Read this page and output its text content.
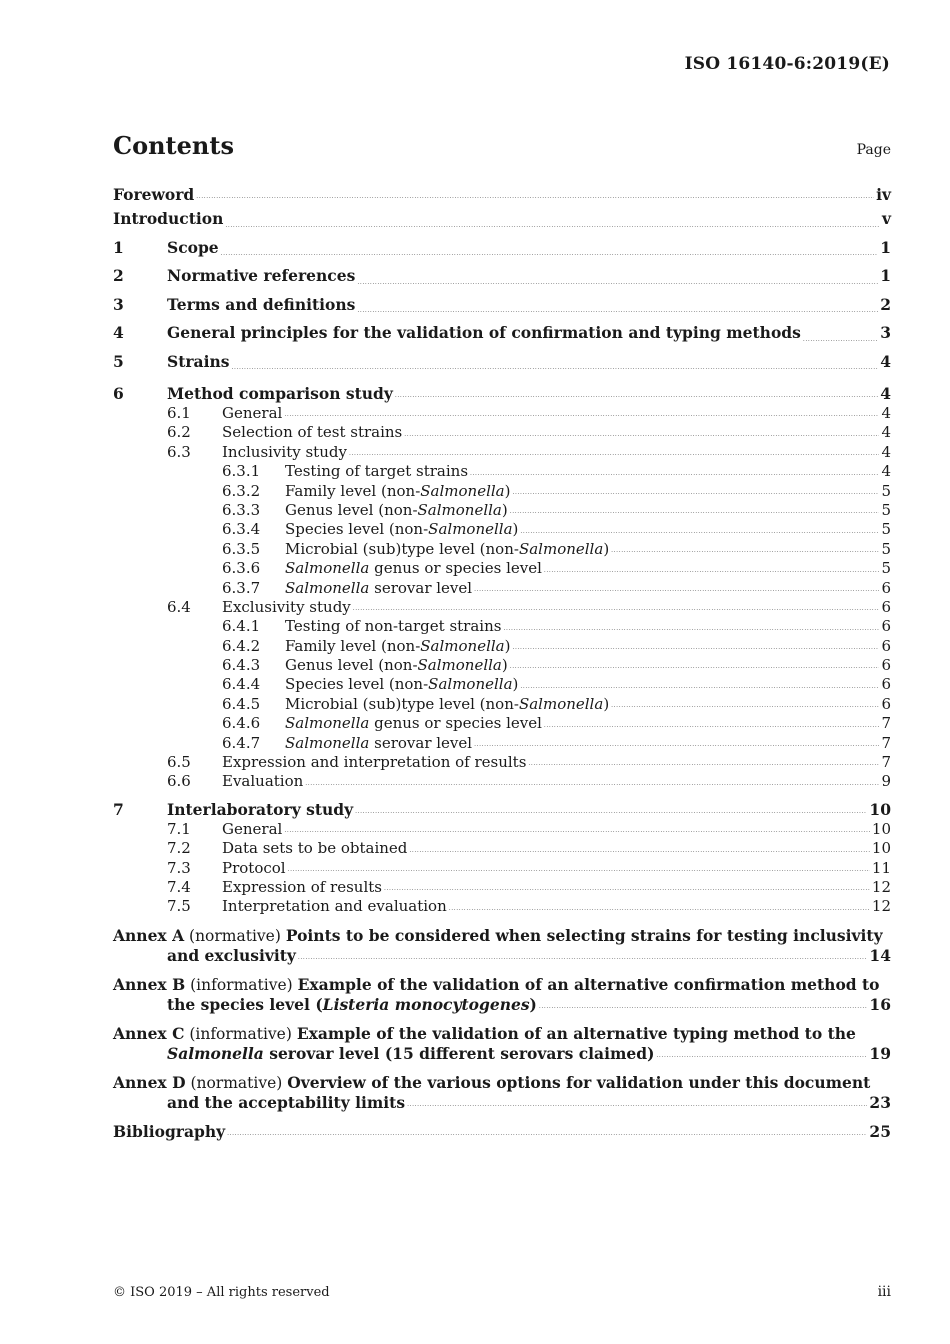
ISO 16140-6:2019(E)
Contents	Page
Foreword .....	iv
Introduction .....	v
1	Scope .....	1
2	Normative references .....	1
3	Terms and definitions .....	2
4	General principles for the validation of confirmation and typing methods .....	3
5	Strains .....	4
6	Method comparison study .....	4
6.1	General .....	4
6.2	Selection of test strains .....	4
6.3	Inclusivity study .....	4
6.3.1	Testing of target strains .....	4
6.3.2	Family level (non-Salmonella) .....	5
6.3.3	Genus level (non-Salmonella) .....	5
6.3.4	Species level (non-Salmonella) .....	5
6.3.5	Microbial (sub)type level (non-Salmonella) .....	5
6.3.6	Salmonella genus or species level .....	5
6.3.7	Salmonella serovar level .....	6
6.4	Exclusivity study .....	6
6.4.1	Testing of non-target strains .....	6
6.4.2	Family level (non-Salmonella) .....	6
6.4.3	Genus level (non-Salmonella) .....	6
6.4.4	Species level (non-Salmonella) .....	6
6.4.5	Microbial (sub)type level (non-Salmonella) .....	6
6.4.6	Salmonella genus or species level .....	7
6.4.7	Salmonella serovar level .....	7
6.5	Expression and interpretation of results .....	7
6.6	Evaluation .....	9
7	Interlaboratory study .....	10
7.1	General .....	10
7.2	Data sets to be obtained .....	10
7.3	Protocol .....	11
7.4	Expression of results .....	12
7.5	Interpretation and evaluation .....	12
Annex A (normative) Points to be considered when selecting strains for testing inclusivity
and exclusivity .....	14
Annex B (informative) Example of the validation of an alternative confirmation method to
the species level (Listeria monocytogenes) .....	16
Annex C (informative) Example of the validation of an alternative typing method to the
Salmonella serovar level (15 different serovars claimed) .....	19
Annex D (normative) Overview of the various options for validation under this document
and the acceptability limits .....	23
Bibliography .....	25
© ISO 2019 – All rights reserved	iii
